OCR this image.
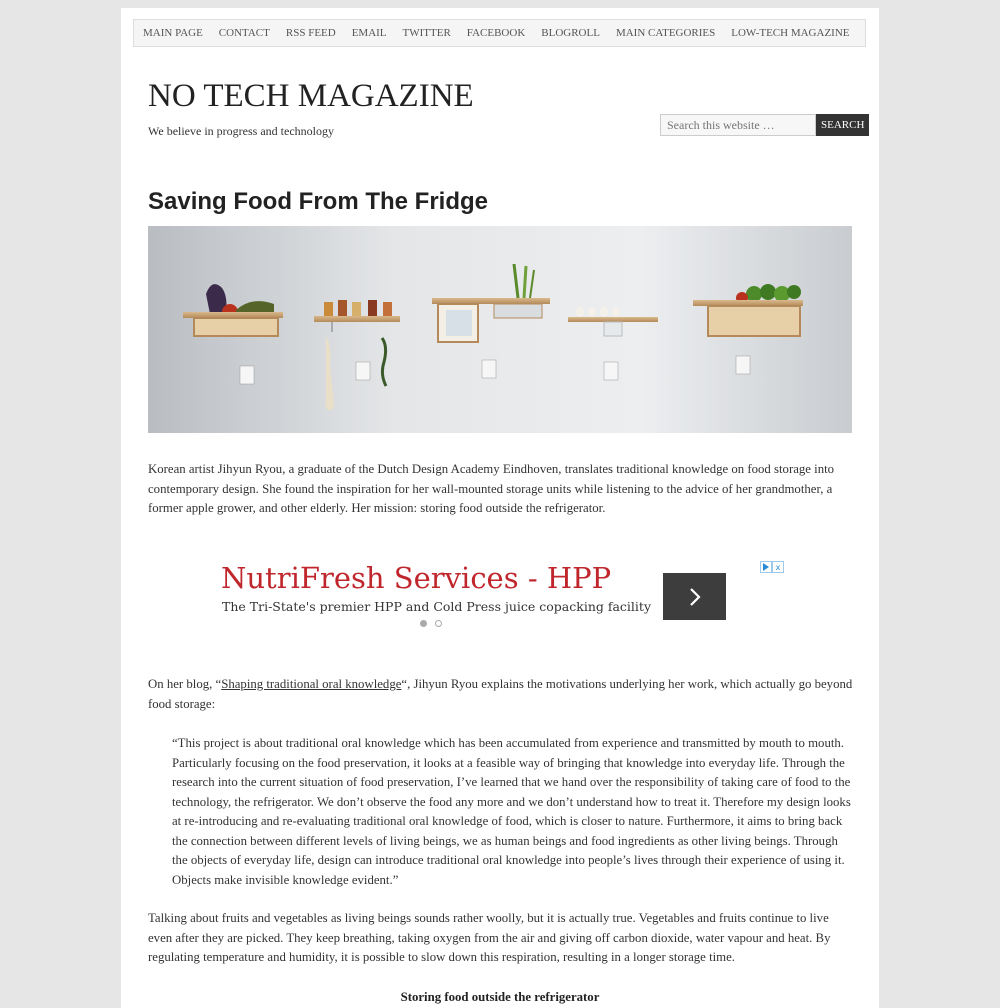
MAIN PAGE CONTACT RSS FEED EMAIL TWITTER FACEBOOK BLOGROLL MAIN CATEGORIES LOW-TECH MAGAZINE
NO TECH MAGAZINE
We believe in progress and technology
Search this website …	SEARCH
Saving Food From The Fridge

Korean artist Jihyun Ryou, a graduate of the Dutch Design Academy Eindhoven, translates traditional knowledge on food storage into contemporary design. She found the inspiration for her wall-mounted storage units while listening to the advice of her grandmother, a former apple grower, and other elderly. Her mission: storing food outside the refrigerator.

NutriFresh Services - HPP
The Tri-State's premier HPP and Cold Press juice copacking facility
x

On her blog, “Shaping traditional oral knowledge“, Jihyun Ryou explains the motivations underlying her work, which actually go beyond food storage:

“This project is about traditional oral knowledge which has been accumulated from experience and transmitted by mouth to mouth. Particularly focusing on the food preservation, it looks at a feasible way of bringing that knowledge into everyday life. Through the research into the current situation of food preservation, I’ve learned that we hand over the responsibility of taking care of food to the technology, the refrigerator. We don’t observe the food any more and we don’t understand how to treat it. Therefore my design looks at re-introducing and re-evaluating traditional oral knowledge of food, which is closer to nature. Furthermore, it aims to bring back the connection between different levels of living beings, we as human beings and food ingredients as other living beings. Through the objects of everyday life, design can introduce traditional oral knowledge into people’s lives through their experience of using it. Objects make invisible knowledge evident.”

Talking about fruits and vegetables as living beings sounds rather woolly, but it is actually true. Vegetables and fruits continue to live even after they are picked. They keep breathing, taking oxygen from the air and giving off carbon dioxide, water vapour and heat. By regulating temperature and humidity, it is possible to slow down this respiration, resulting in a longer storage time.

Storing food outside the refrigerator
